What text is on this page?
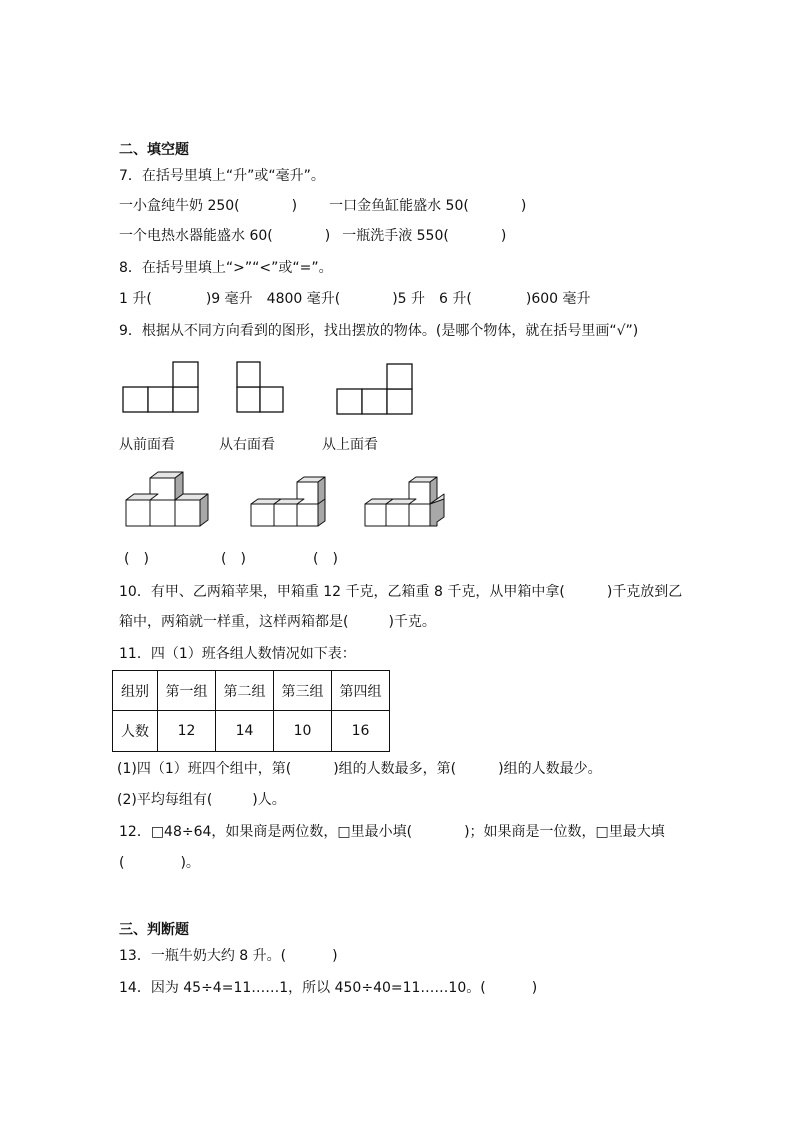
二、填空题
7．在括号里填上“升”或“毫升”。
一小盒纯牛奶 250(	) 一口金鱼缸能盛水 50(	)
一个电热水器能盛水 60(	) 一瓶洗手液 550(	)
8．在括号里填上“>”“<”或“=”。
1 升(	)9 毫升 4800 毫升(	)5 升 6 升(	)600 毫升
9．根据从不同方向看到的图形，找出摆放的物体。(是哪个物体，就在括号里画“√”)
从前面看	从右面看	从上面看
(　)	(　)	(　)
10．有甲、乙两箱苹果，甲箱重 12 千克，乙箱重 8 千克，从甲箱中拿(	)千克放到乙
箱中，两箱就一样重，这样两箱都是(	)千克。
11．四（1）班各组人数情况如下表：
组别	第一组	第二组	第三组	第四组
人数	12	14	10	16
(1)四（1）班四个组中，第(	)组的人数最多，第(	)组的人数最少。
(2)平均每组有(	)人。
12．□48÷64，如果商是两位数，□里最小填(	)；如果商是一位数，□里最大填
(	)。
三、判断题
13．一瓶牛奶大约 8 升。(	)
14．因为 45÷4=11……1，所以 450÷40=11……10。(	)
